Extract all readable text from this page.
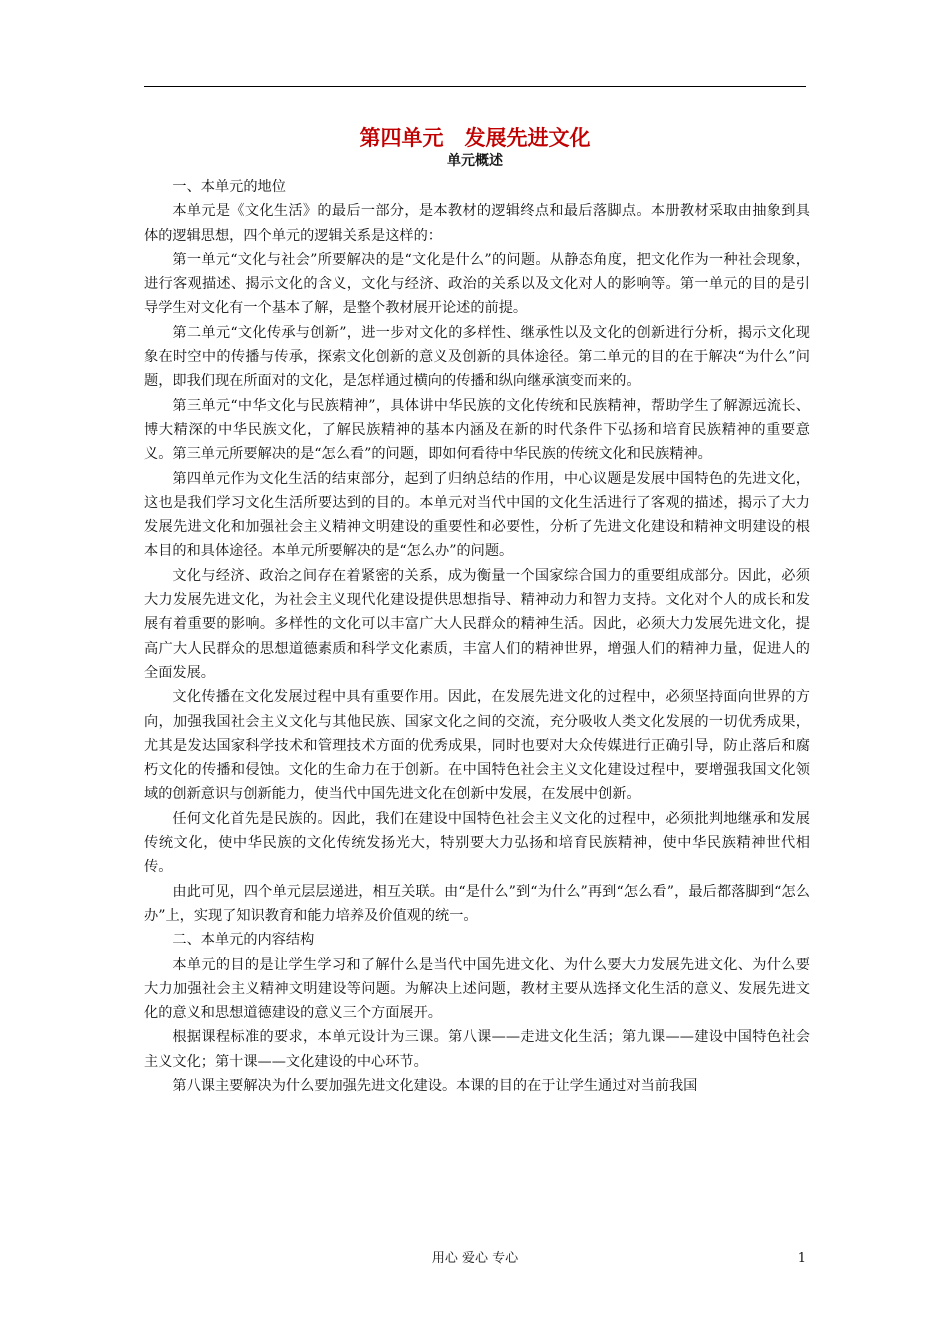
第四单元　发展先进文化
单元概述

一、本单元的地位

本单元是《文化生活》的最后一部分，是本教材的逻辑终点和最后落脚点。本册教材采取由抽象到具体的逻辑思想，四个单元的逻辑关系是这样的：

第一单元“文化与社会”所要解决的是“文化是什么”的问题。从静态角度，把文化作为一种社会现象，进行客观描述、揭示文化的含义，文化与经济、政治的关系以及文化对人的影响等。第一单元的目的是引导学生对文化有一个基本了解，是整个教材展开论述的前提。

第二单元“文化传承与创新”，进一步对文化的多样性、继承性以及文化的创新进行分析，揭示文化现象在时空中的传播与传承，探索文化创新的意义及创新的具体途径。第二单元的目的在于解决“为什么”问题，即我们现在所面对的文化，是怎样通过横向的传播和纵向继承演变而来的。

第三单元“中华文化与民族精神”，具体讲中华民族的文化传统和民族精神，帮助学生了解源远流长、博大精深的中华民族文化，了解民族精神的基本内涵及在新的时代条件下弘扬和培育民族精神的重要意义。第三单元所要解决的是“怎么看”的问题，即如何看待中华民族的传统文化和民族精神。

第四单元作为文化生活的结束部分，起到了归纳总结的作用，中心议题是发展中国特色的先进文化，这也是我们学习文化生活所要达到的目的。本单元对当代中国的文化生活进行了客观的描述，揭示了大力发展先进文化和加强社会主义精神文明建设的重要性和必要性，分析了先进文化建设和精神文明建设的根本目的和具体途径。本单元所要解决的是“怎么办”的问题。

文化与经济、政治之间存在着紧密的关系，成为衡量一个国家综合国力的重要组成部分。因此，必须大力发展先进文化，为社会主义现代化建设提供思想指导、精神动力和智力支持。文化对个人的成长和发展有着重要的影响。多样性的文化可以丰富广大人民群众的精神生活。因此，必须大力发展先进文化，提高广大人民群众的思想道德素质和科学文化素质，丰富人们的精神世界，增强人们的精神力量，促进人的全面发展。

文化传播在文化发展过程中具有重要作用。因此，在发展先进文化的过程中，必须坚持面向世界的方向，加强我国社会主义文化与其他民族、国家文化之间的交流，充分吸收人类文化发展的一切优秀成果，尤其是发达国家科学技术和管理技术方面的优秀成果，同时也要对大众传媒进行正确引导，防止落后和腐朽文化的传播和侵蚀。文化的生命力在于创新。在中国特色社会主义文化建设过程中，要增强我国文化领域的创新意识与创新能力，使当代中国先进文化在创新中发展，在发展中创新。

任何文化首先是民族的。因此，我们在建设中国特色社会主义文化的过程中，必须批判地继承和发展传统文化，使中华民族的文化传统发扬光大，特别要大力弘扬和培育民族精神，使中华民族精神世代相传。

由此可见，四个单元层层递进，相互关联。由“是什么”到“为什么”再到“怎么看”，最后都落脚到“怎么办”上，实现了知识教育和能力培养及价值观的统一。

二、本单元的内容结构

本单元的目的是让学生学习和了解什么是当代中国先进文化、为什么要大力发展先进文化、为什么要大力加强社会主义精神文明建设等问题。为解决上述问题，教材主要从选择文化生活的意义、发展先进文化的意义和思想道德建设的意义三个方面展开。

根据课程标准的要求，本单元设计为三课。第八课——走进文化生活；第九课——建设中国特色社会主义文化；第十课——文化建设的中心环节。

第八课主要解决为什么要加强先进文化建设。本课的目的在于让学生通过对当前我国

用心 爱心 专心	1
